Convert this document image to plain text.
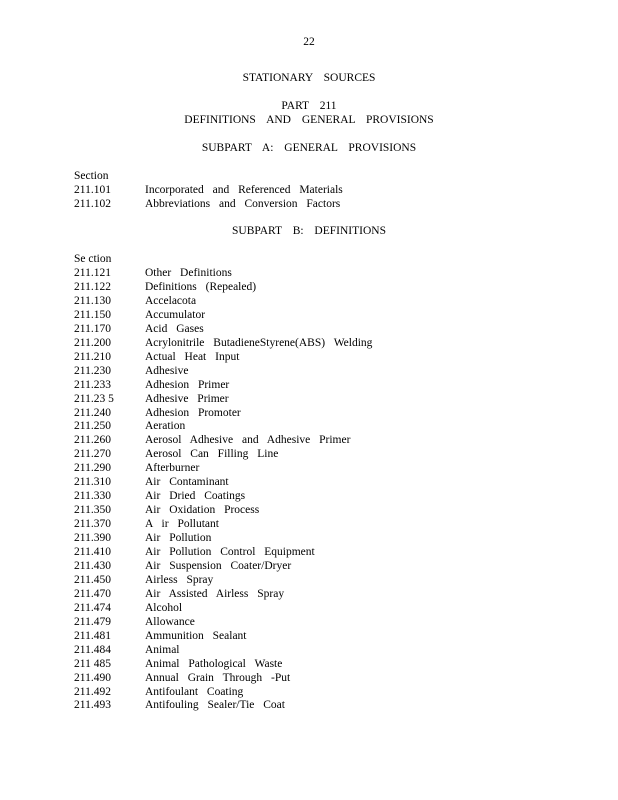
22
STATIONARY SOURCES
PART 211
DEFINITIONS AND GENERAL PROVISIONS
SUBPART A: GENERAL PROVISIONS
Section
211.101	Incorporated and Referenced Materials
211.102	Abbreviations and Conversion Factors
SUBPART B: DEFINITIONS
Se ction
211.121	Other Definitions
211.122	Definitions (Repealed)
211.130	Accelacota
211.150	Accumulator
211.170	Acid Gases
211.200	Acrylonitrile ButadieneStyrene(ABS) Welding
211.210	Actual Heat Input
211.230	Adhesive
211.233	Adhesion Primer
211.23 5	Adhesive Primer
211.240	Adhesion Promoter
211.250	Aeration
211.260	Aerosol Adhesive and Adhesive Primer
211.270	Aerosol Can Filling Line
211.290	Afterburner
211.310	Air Contaminant
211.330	Air Dried Coatings
211.350	Air Oxidation Process
211.370	A ir Pollutant
211.390	Air Pollution
211.410	Air Pollution Control Equipment
211.430	Air Suspension Coater/Dryer
211.450	Airless Spray
211.470	Air Assisted Airless Spray
211.474	Alcohol
211.479	Allowance
211.481	Ammunition Sealant
211.484	Animal
211 485	Animal Pathological Waste
211.490	Annual Grain Through -Put
211.492	Antifoulant Coating
211.493	Antifouling Sealer/Tie Coat
